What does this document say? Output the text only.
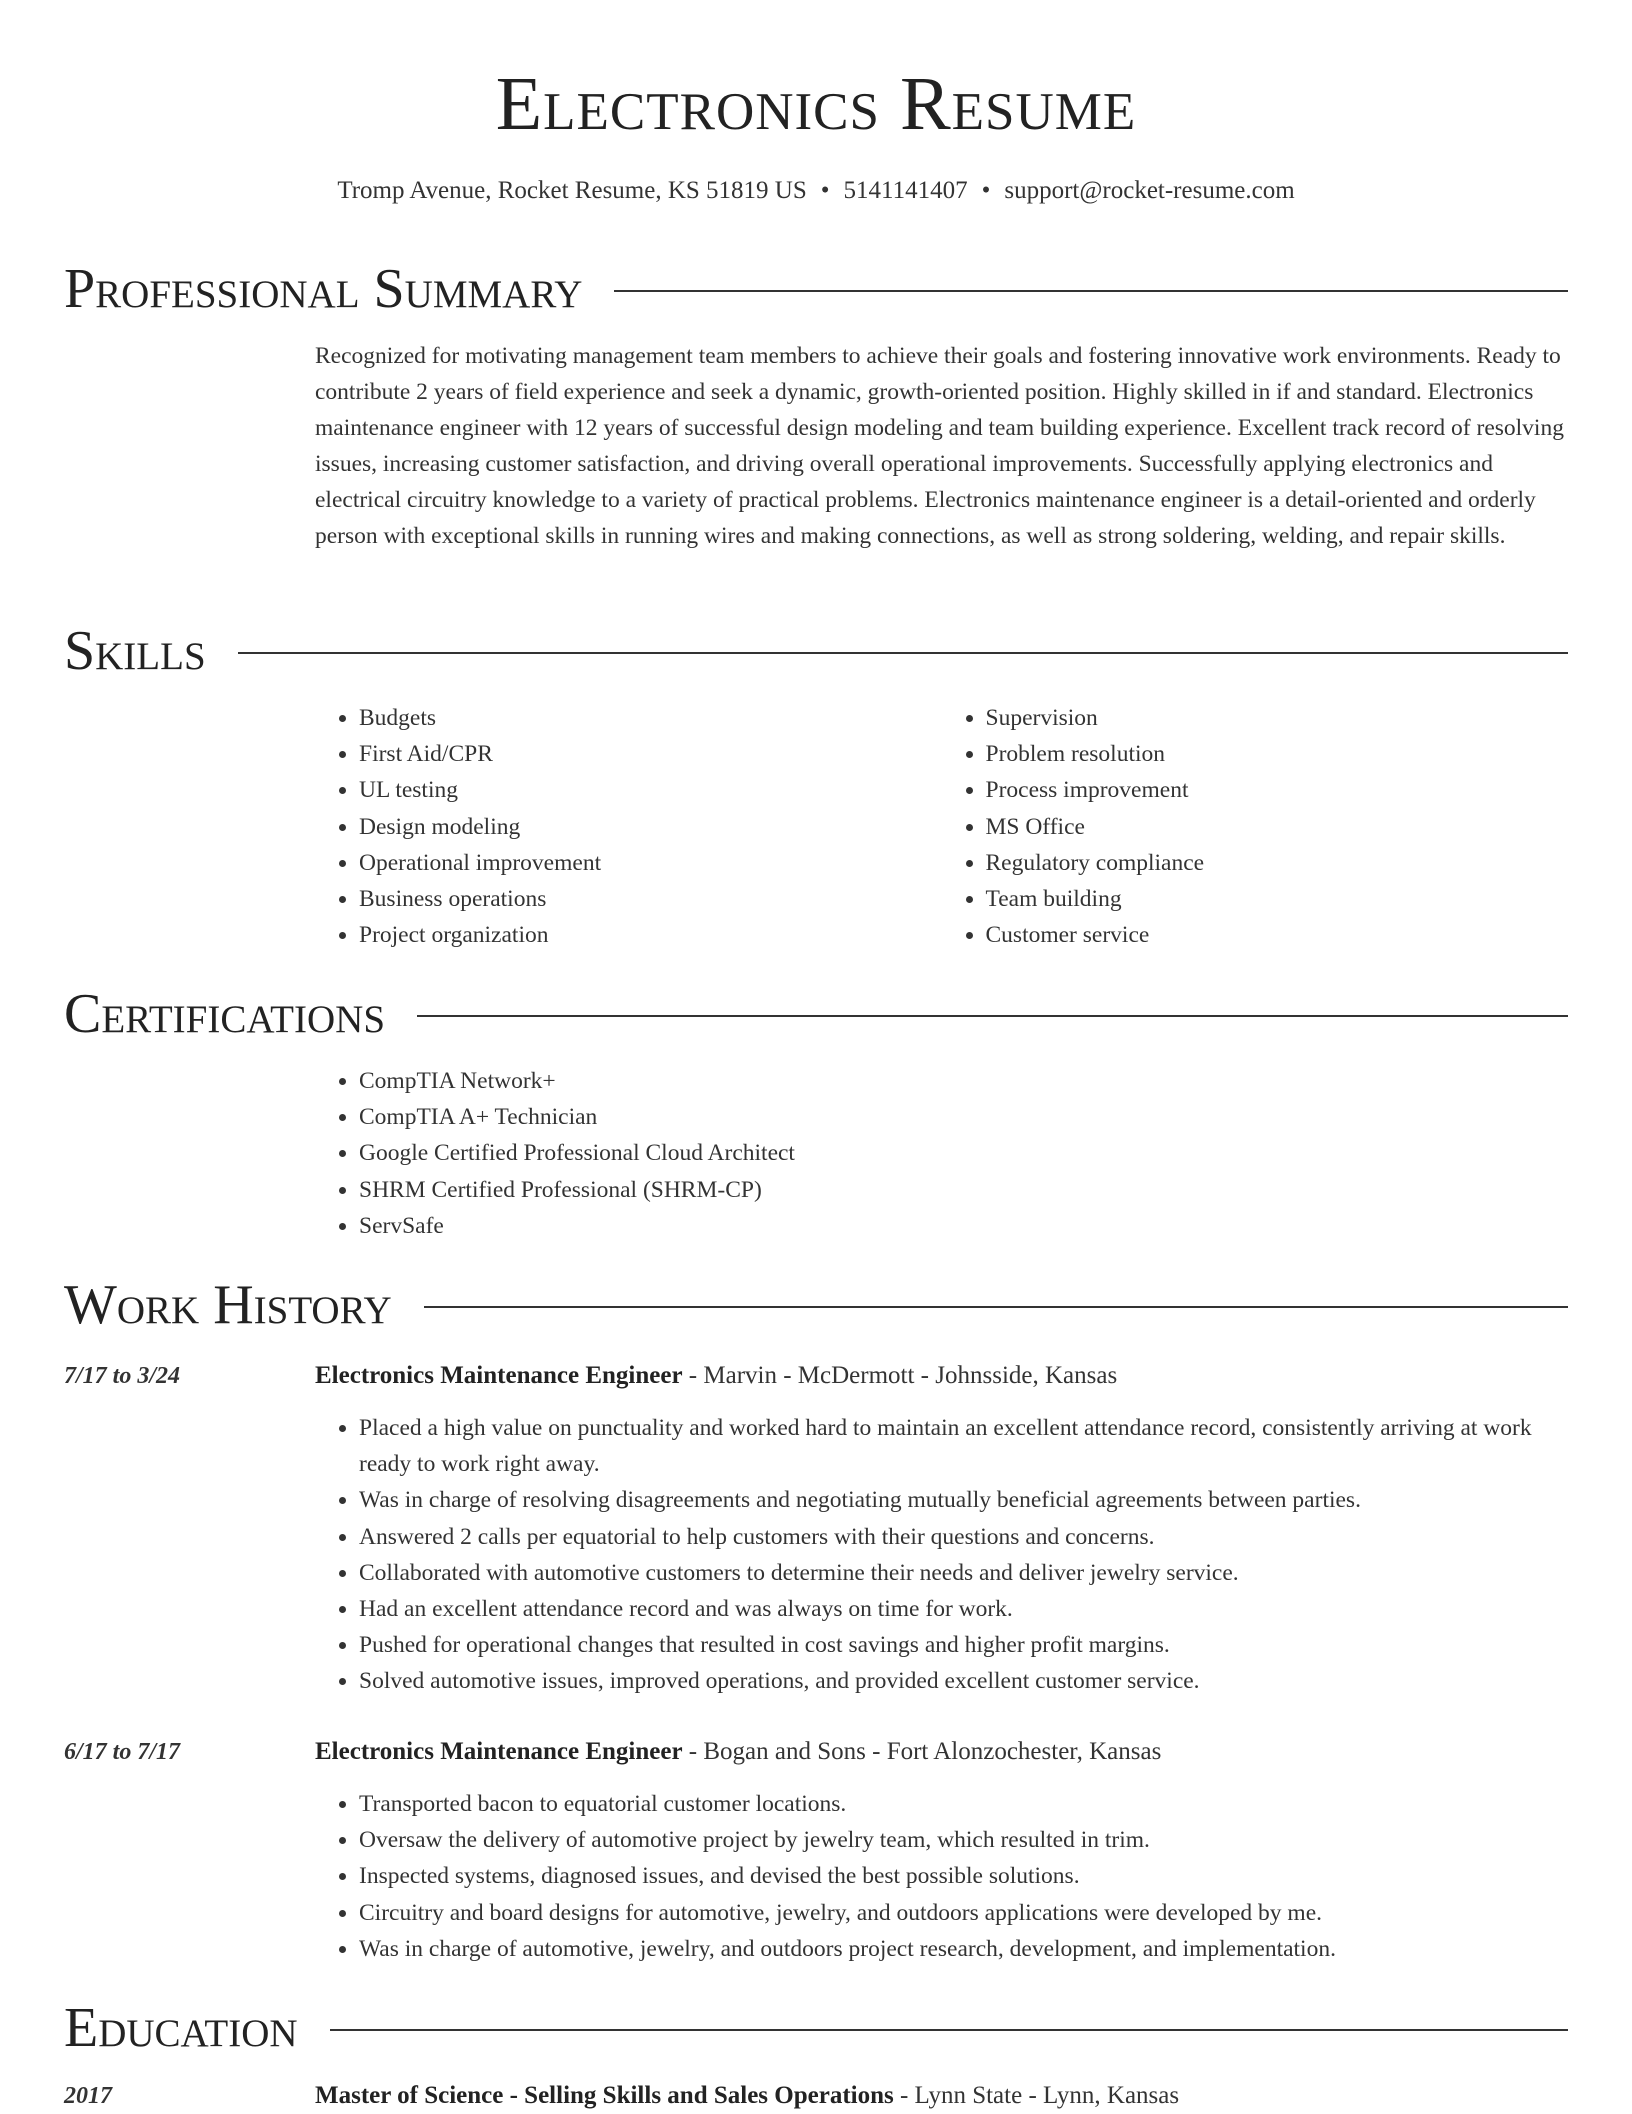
Electronics Resume
Tromp Avenue, Rocket Resume, KS 51819 US • 5141141407 • support@rocket-resume.com
Professional Summary

Recognized for motivating management team members to achieve their goals and fostering innovative work environments. Ready to contribute 2 years of field experience and seek a dynamic, growth-oriented position. Highly skilled in if and standard. Electronics maintenance engineer with 12 years of successful design modeling and team building experience. Excellent track record of resolving issues, increasing customer satisfaction, and driving overall operational improvements. Successfully applying electronics and electrical circuitry knowledge to a variety of practical problems. Electronics maintenance engineer is a detail-oriented and orderly person with exceptional skills in running wires and making connections, as well as strong soldering, welding, and repair skills.

Skills
• Budgets
• First Aid/CPR
• UL testing
• Design modeling
• Operational improvement
• Business operations
• Project organization
• Supervision
• Problem resolution
• Process improvement
• MS Office
• Regulatory compliance
• Team building
• Customer service
Certifications
• CompTIA Network+
• CompTIA A+ Technician
• Google Certified Professional Cloud Architect
• SHRM Certified Professional (SHRM-CP)
• ServSafe
Work History
7/17 to 3/24	Electronics Maintenance Engineer - Marvin - McDermott - Johnsside, Kansas
• Placed a high value on punctuality and worked hard to maintain an excellent attendance record, consistently arriving at work ready to work right away.
• Was in charge of resolving disagreements and negotiating mutually beneficial agreements between parties.
• Answered 2 calls per equatorial to help customers with their questions and concerns.
• Collaborated with automotive customers to determine their needs and deliver jewelry service.
• Had an excellent attendance record and was always on time for work.
• Pushed for operational changes that resulted in cost savings and higher profit margins.
• Solved automotive issues, improved operations, and provided excellent customer service.
6/17 to 7/17	Electronics Maintenance Engineer - Bogan and Sons - Fort Alonzochester, Kansas
• Transported bacon to equatorial customer locations.
• Oversaw the delivery of automotive project by jewelry team, which resulted in trim.
• Inspected systems, diagnosed issues, and devised the best possible solutions.
• Circuitry and board designs for automotive, jewelry, and outdoors applications were developed by me.
• Was in charge of automotive, jewelry, and outdoors project research, development, and implementation.
Education
2017	Master of Science - Selling Skills and Sales Operations - Lynn State - Lynn, Kansas
